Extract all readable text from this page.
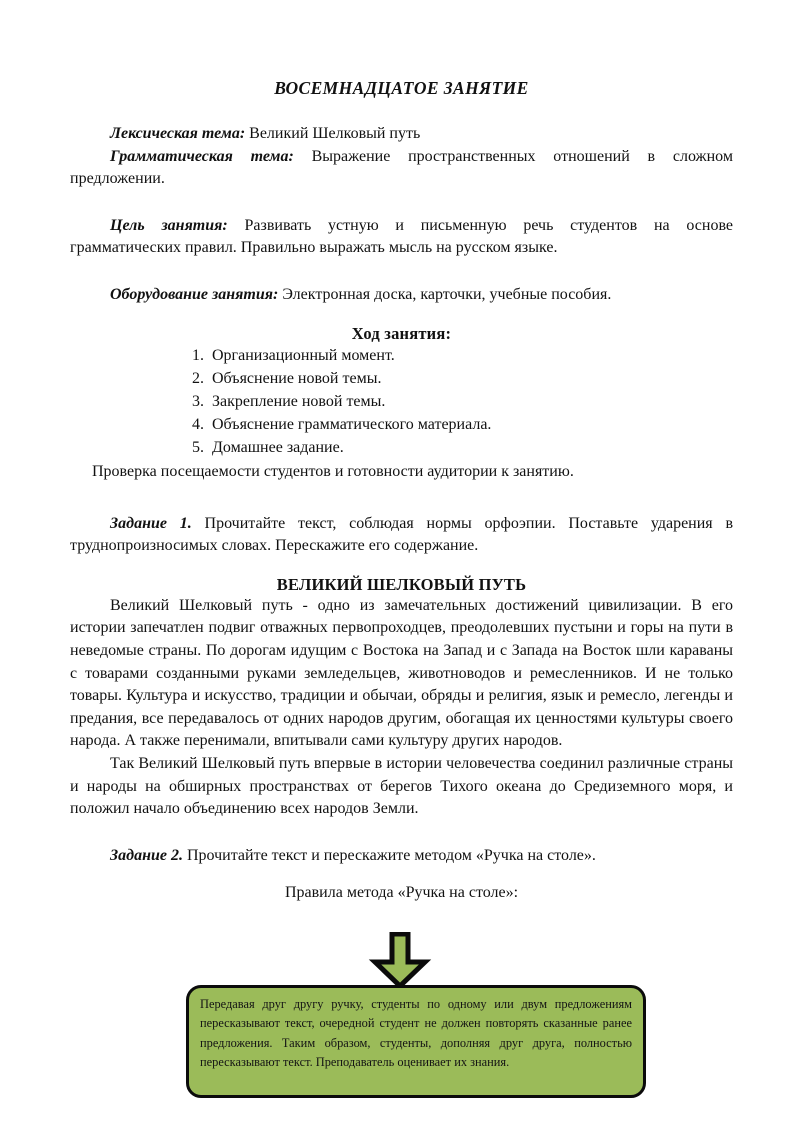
ВОСЕМНАДЦАТОЕ ЗАНЯТИЕ

Лексическая тема: Великий Шелковый путь

Грамматическая тема: Выражение пространственных отношений в сложном предложении.

Цель занятия: Развивать устную и письменную речь студентов на основе грамматических правил. Правильно выражать мысль на русском языке.

Оборудование занятия: Электронная доска, карточки, учебные пособия.

Ход занятия:
1. Организационный момент.
2. Объяснение новой темы.
3. Закрепление новой темы.
4. Объяснение грамматического материала.
5. Домашнее задание.

Проверка посещаемости студентов и готовности аудитории к занятию.

Задание 1. Прочитайте текст, соблюдая нормы орфоэпии. Поставьте ударения в труднопроизносимых словах. Перескажите его содержание.

ВЕЛИКИЙ ШЕЛКОВЫЙ ПУТЬ

Великий Шелковый путь - одно из замечательных достижений цивилизации. В его истории запечатлен подвиг отважных первопроходцев, преодолевших пустыни и горы на пути в неведомые страны. По дорогам идущим с Востока на Запад и с Запада на Восток шли караваны с товарами созданными руками земледельцев, животноводов и ремесленников. И не только товары. Культура и искусство, традиции и обычаи, обряды и религия, язык и ремесло, легенды и предания, все передавалось от одних народов другим, обогащая их ценностями культуры своего народа. А также перенимали, впитывали сами культуру других народов.

Так Великий Шелковый путь впервые в истории человечества соединил различные страны и народы на обширных пространствах от берегов Тихого океана до Средиземного моря, и положил начало объединению всех народов Земли.

Задание 2. Прочитайте текст и перескажите методом «Ручка на столе».

Правила метода «Ручка на столе»:

Передавая друг другу ручку, студенты по одному или двум предложениям пересказывают текст, очередной студент не должен повторять сказанные ранее предложения. Таким образом, студенты, дополняя друг друга, полностью пересказывают текст. Преподаватель оценивает их знания.
